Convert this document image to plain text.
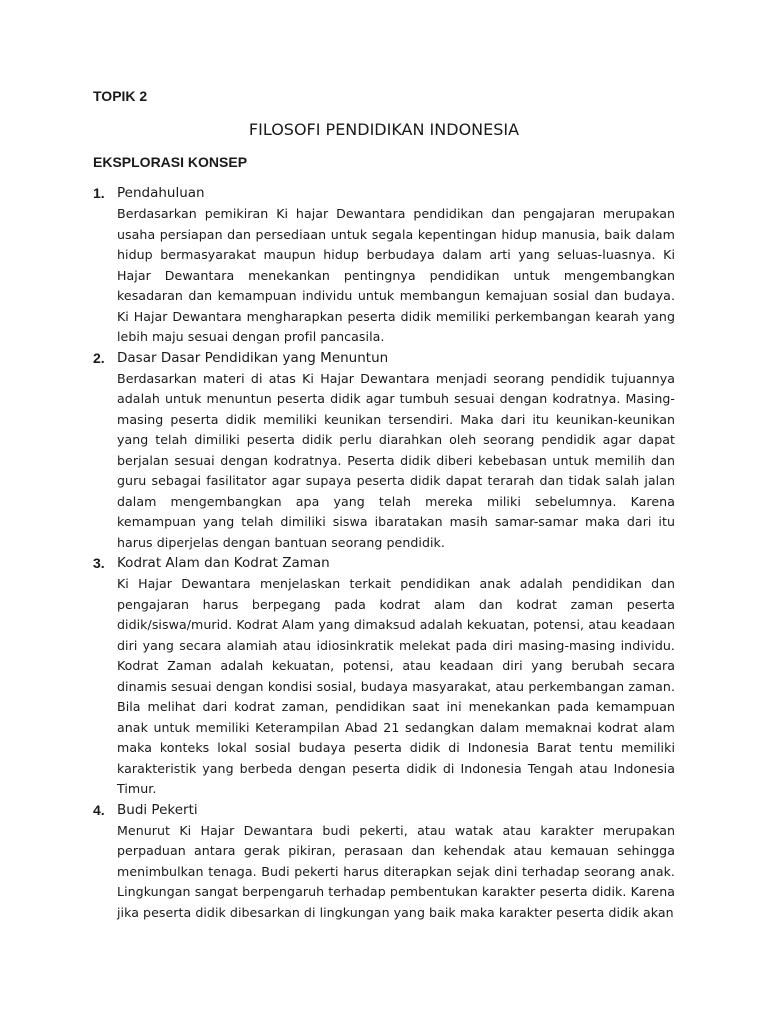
TOPIK 2

FILOSOFI PENDIDIKAN INDONESIA

EKSPLORASI KONSEP

1. Pendahuluan

Berdasarkan pemikiran Ki hajar Dewantara pendidikan dan pengajaran merupakan usaha persiapan dan persediaan untuk segala kepentingan hidup manusia, baik dalam hidup bermasyarakat maupun hidup berbudaya dalam arti yang seluas-luasnya. Ki Hajar Dewantara menekankan pentingnya pendidikan untuk mengembangkan kesadaran dan kemampuan individu untuk membangun kemajuan sosial dan budaya. Ki Hajar Dewantara mengharapkan peserta didik memiliki perkembangan kearah yang lebih maju sesuai dengan profil pancasila.

2. Dasar Dasar Pendidikan yang Menuntun

Berdasarkan materi di atas Ki Hajar Dewantara menjadi seorang pendidik tujuannya adalah untuk menuntun peserta didik agar tumbuh sesuai dengan kodratnya. Masing-masing peserta didik memiliki keunikan tersendiri. Maka dari itu keunikan-keunikan yang telah dimiliki peserta didik perlu diarahkan oleh seorang pendidik agar dapat berjalan sesuai dengan kodratnya. Peserta didik diberi kebebasan untuk memilih dan guru sebagai fasilitator agar supaya peserta didik dapat terarah dan tidak salah jalan dalam mengembangkan apa yang telah mereka miliki sebelumnya. Karena kemampuan yang telah dimiliki siswa ibaratakan masih samar-samar maka dari itu harus diperjelas dengan bantuan seorang pendidik.

3. Kodrat Alam dan Kodrat Zaman

Ki Hajar Dewantara menjelaskan terkait pendidikan anak adalah pendidikan dan pengajaran harus berpegang pada kodrat alam dan kodrat zaman peserta didik/siswa/murid. Kodrat Alam yang dimaksud adalah kekuatan, potensi, atau keadaan diri yang secara alamiah atau idiosinkratik melekat pada diri masing-masing individu. Kodrat Zaman adalah kekuatan, potensi, atau keadaan diri yang berubah secara dinamis sesuai dengan kondisi sosial, budaya masyarakat, atau perkembangan zaman. Bila melihat dari kodrat zaman, pendidikan saat ini menekankan pada kemampuan anak untuk memiliki Keterampilan Abad 21 sedangkan dalam memaknai kodrat alam maka konteks lokal sosial budaya peserta didik di Indonesia Barat tentu memiliki karakteristik yang berbeda dengan peserta didik di Indonesia Tengah atau Indonesia Timur.

4. Budi Pekerti

Menurut Ki Hajar Dewantara budi pekerti, atau watak atau karakter merupakan perpaduan antara gerak pikiran, perasaan dan kehendak atau kemauan sehingga menimbulkan tenaga. Budi pekerti harus diterapkan sejak dini terhadap seorang anak. Lingkungan sangat berpengaruh terhadap pembentukan karakter peserta didik. Karena jika peserta didik dibesarkan di lingkungan yang baik maka karakter peserta didik akan
